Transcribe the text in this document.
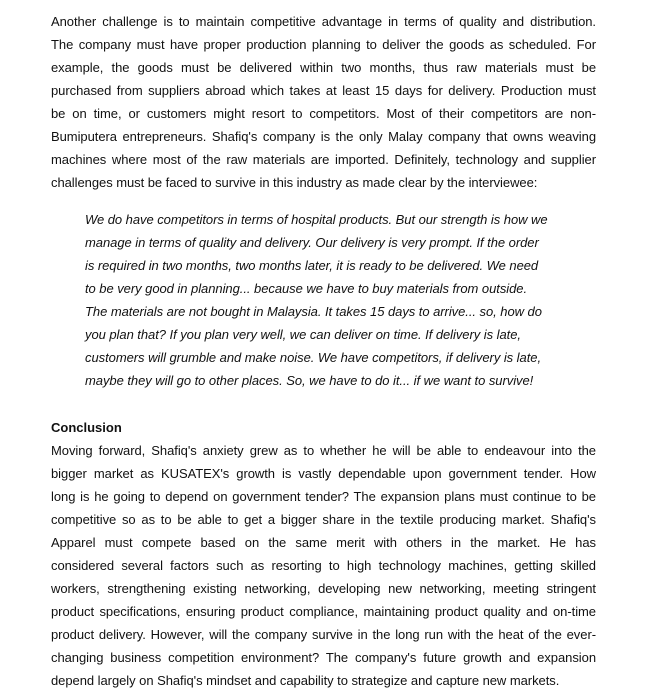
Another challenge is to maintain competitive advantage in terms of quality and distribution.
The company must have proper production planning to deliver the goods as scheduled. For
example, the goods must be delivered within two months, thus raw materials must be
purchased from suppliers abroad which takes at least 15 days for delivery. Production must
be on time, or customers might resort to competitors. Most of their competitors are non-
Bumiputera entrepreneurs. Shafiq's company is the only Malay company that owns weaving
machines where most of the raw materials are imported. Definitely, technology and supplier
challenges must be faced to survive in this industry as made clear by the interviewee:
We do have competitors in terms of hospital products. But our strength is how we
manage in terms of quality and delivery. Our delivery is very prompt. If the order
is required in two months, two months later, it is ready to be delivered. We need
to be very good in planning... because we have to buy materials from outside.
The materials are not bought in Malaysia. It takes 15 days to arrive... so, how do
you plan that? If you plan very well, we can deliver on time. If delivery is late,
customers will grumble and make noise. We have competitors, if delivery is late,
maybe they will go to other places. So, we have to do it... if we want to survive!
Conclusion
Moving forward, Shafiq's anxiety grew as to whether he will be able to endeavour into the
bigger market as KUSATEX's growth is vastly dependable upon government tender. How
long is he going to depend on government tender? The expansion plans must continue to be
competitive so as to be able to get a bigger share in the textile producing market. Shafiq's
Apparel must compete based on the same merit with others in the market. He has
considered several factors such as resorting to high technology machines, getting skilled
workers, strengthening existing networking, developing new networking, meeting stringent
product specifications, ensuring product compliance, maintaining product quality and on-time
product delivery. However, will the company survive in the long run with the heat of the ever-
changing business competition environment? The company's future growth and expansion
depend largely on Shafiq's mindset and capability to strategize and capture new markets.
